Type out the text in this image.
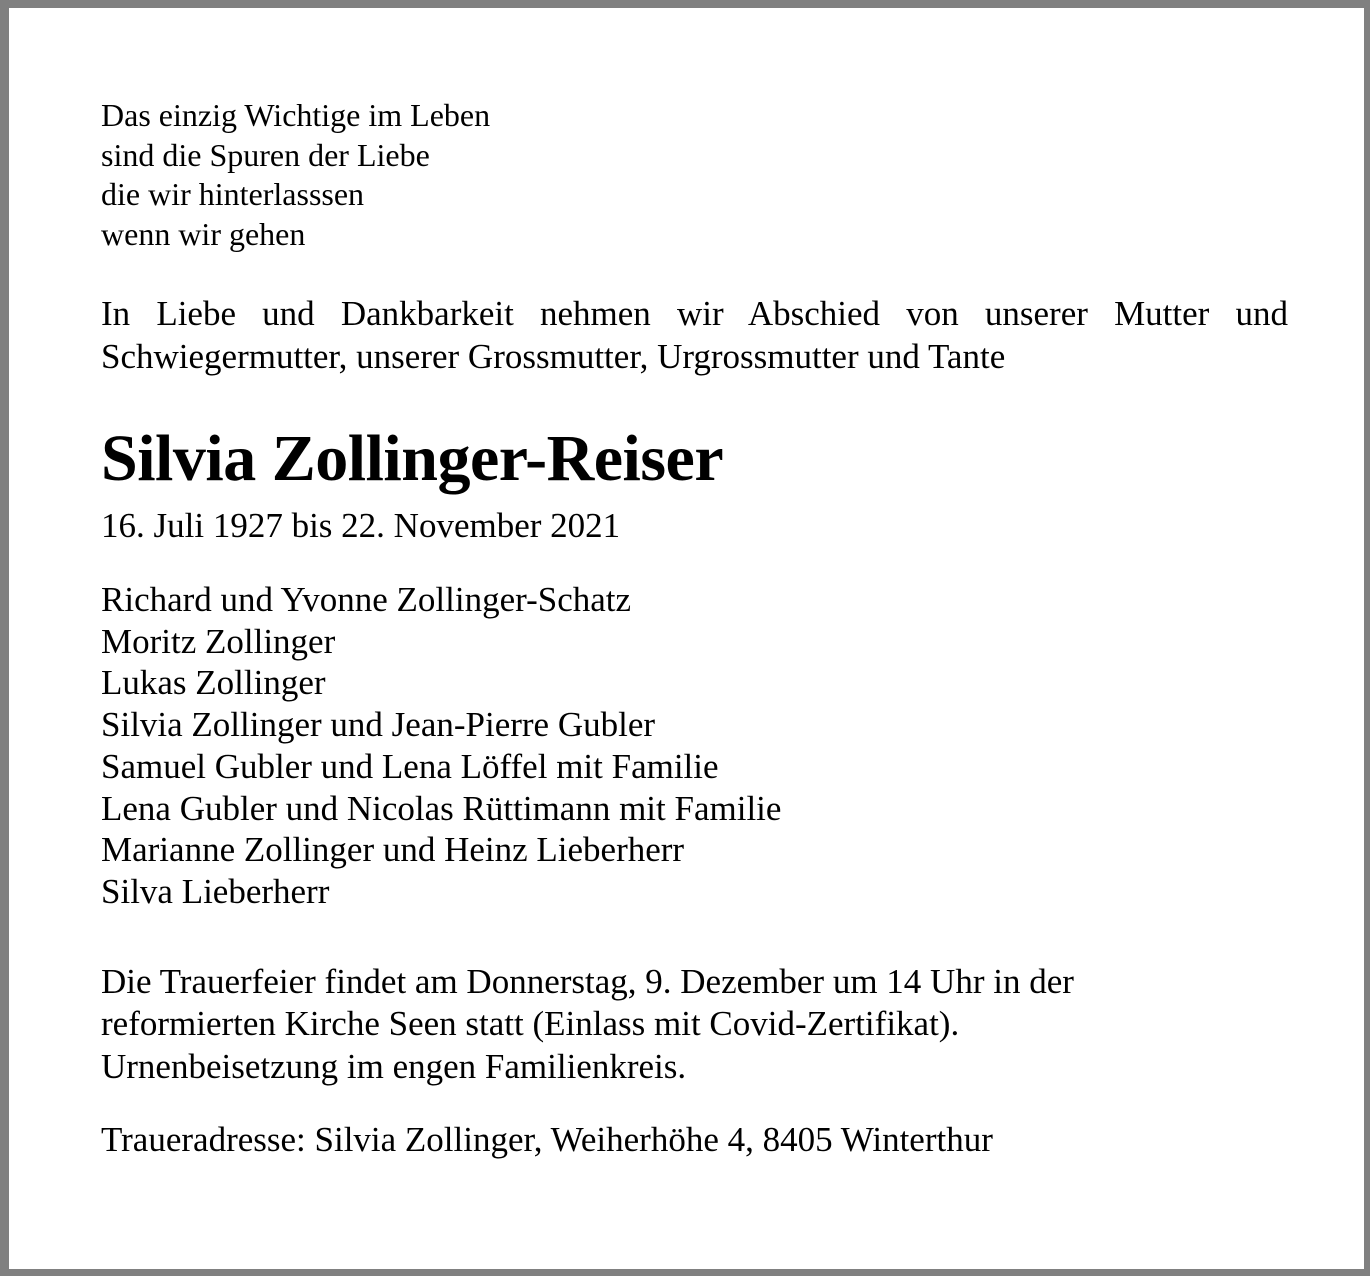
Das einzig Wichtige im Leben
sind die Spuren der Liebe
die wir hinterlasssen
wenn wir gehen
In Liebe und Dankbarkeit nehmen wir Abschied von unserer Mutter und Schwiegermutter, unserer Grossmutter, Urgrossmutter und Tante
Silvia Zollinger-Reiser
16. Juli 1927 bis 22. November 2021
Richard und Yvonne Zollinger-Schatz
Moritz Zollinger
Lukas Zollinger
Silvia Zollinger und Jean-Pierre Gubler
Samuel Gubler und Lena Löffel mit Familie
Lena Gubler und Nicolas Rüttimann mit Familie
Marianne Zollinger und Heinz Lieberherr
Silva Lieberherr
Die Trauerfeier findet am Donnerstag, 9. Dezember um 14 Uhr in der
reformierten Kirche Seen statt (Einlass mit Covid-Zertifikat).
Urnenbeisetzung im engen Familienkreis.
Traueradresse: Silvia Zollinger, Weiherhöhe 4, 8405 Winterthur
